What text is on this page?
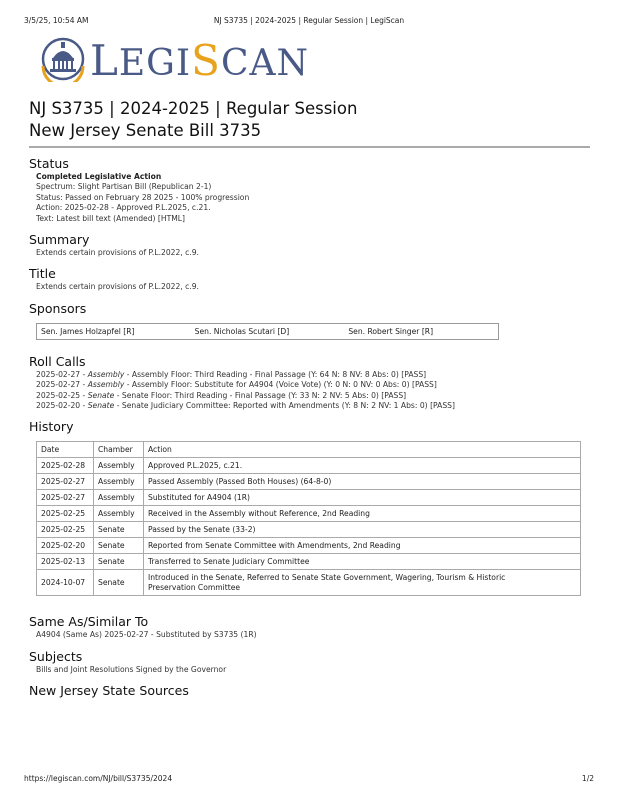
3/5/25, 10:54 AM	NJ S3735 | 2024-2025 | Regular Session | LegiScan
LEGISCAN
NJ S3735 | 2024-2025 | Regular Session
New Jersey Senate Bill 3735
Status
Completed Legislative Action
Spectrum: Slight Partisan Bill (Republican 2-1)
Status: Passed on February 28 2025 - 100% progression
Action: 2025-02-28 - Approved P.L.2025, c.21.
Text: Latest bill text (Amended) [HTML]
Summary
Extends certain provisions of P.L.2022, c.9.
Title
Extends certain provisions of P.L.2022, c.9.
Sponsors
Sen. James Holzapfel [R]	Sen. Nicholas Scutari [D]	Sen. Robert Singer [R]
Roll Calls
2025-02-27 - Assembly - Assembly Floor: Third Reading - Final Passage (Y: 64 N: 8 NV: 8 Abs: 0) [PASS]
2025-02-27 - Assembly - Assembly Floor: Substitute for A4904 (Voice Vote) (Y: 0 N: 0 NV: 0 Abs: 0) [PASS]
2025-02-25 - Senate - Senate Floor: Third Reading - Final Passage (Y: 33 N: 2 NV: 5 Abs: 0) [PASS]
2025-02-20 - Senate - Senate Judiciary Committee: Reported with Amendments (Y: 8 N: 2 NV: 1 Abs: 0) [PASS]
History
Date	Chamber	Action
2025-02-28	Assembly	Approved P.L.2025, c.21.
2025-02-27	Assembly	Passed Assembly (Passed Both Houses) (64-8-0)
2025-02-27	Assembly	Substituted for A4904 (1R)
2025-02-25	Assembly	Received in the Assembly without Reference, 2nd Reading
2025-02-25	Senate	Passed by the Senate (33-2)
2025-02-20	Senate	Reported from Senate Committee with Amendments, 2nd Reading
2025-02-13	Senate	Transferred to Senate Judiciary Committee
2024-10-07	Senate	Introduced in the Senate, Referred to Senate State Government, Wagering, Tourism & Historic
Preservation Committee
Same As/Similar To
A4904 (Same As) 2025-02-27 - Substituted by S3735 (1R)
Subjects
Bills and Joint Resolutions Signed by the Governor
New Jersey State Sources
https://legiscan.com/NJ/bill/S3735/2024	1/2
